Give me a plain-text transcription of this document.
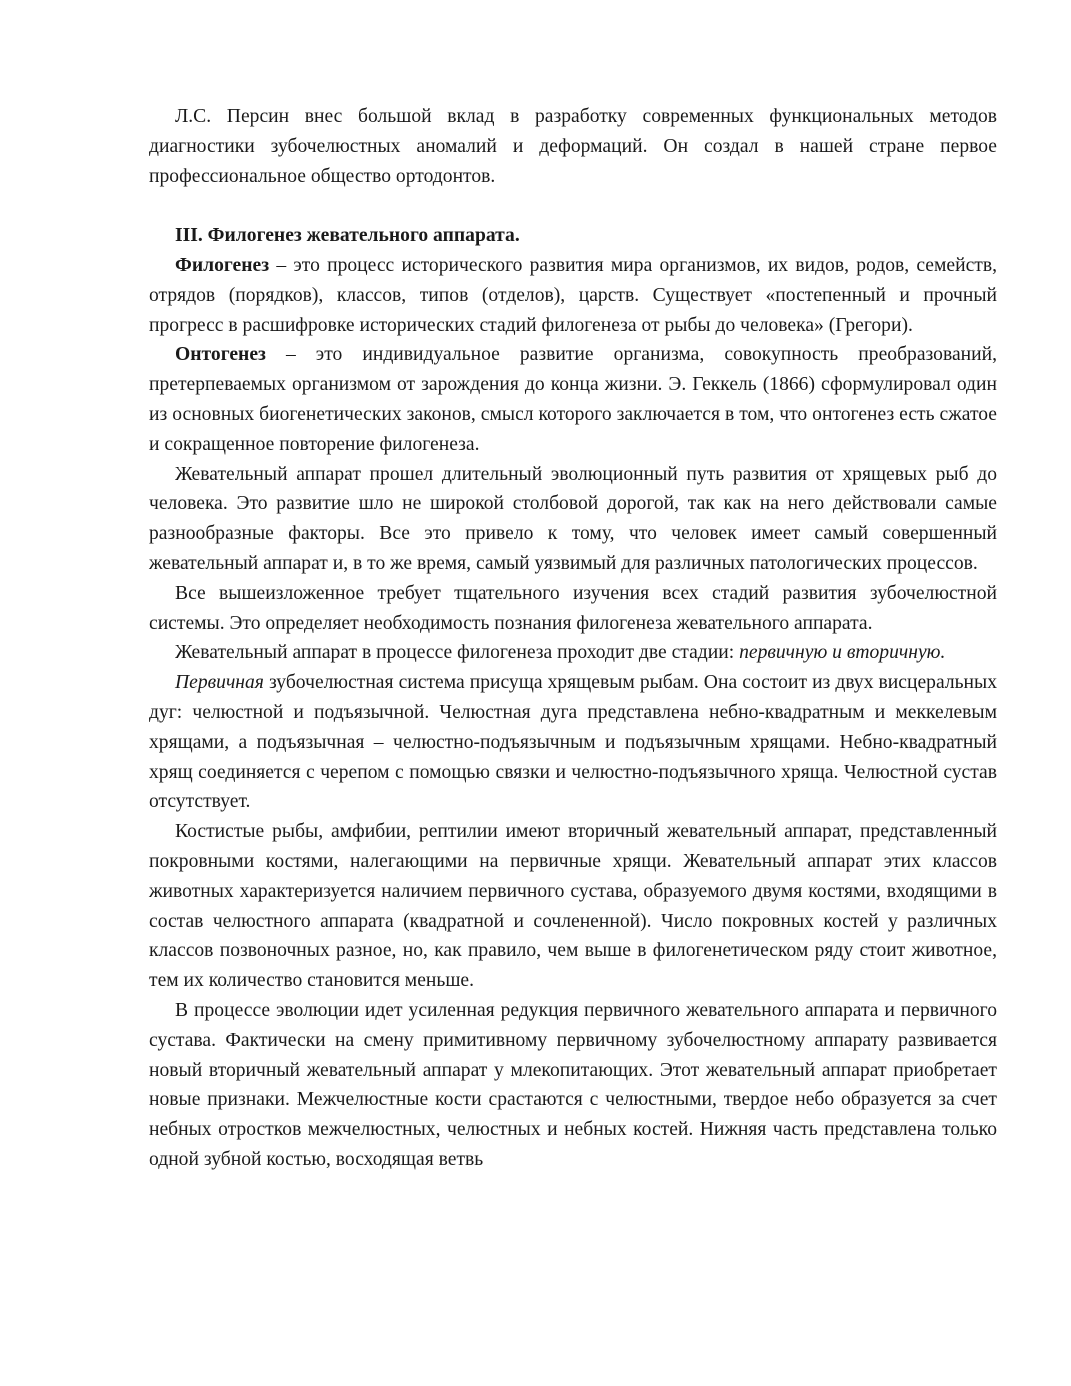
Л.С. Персин внес большой вклад в разработку современных функциональных методов диагностики зубочелюстных аномалий и деформаций. Он создал в нашей стране первое профессиональное общество ортодонтов.

III. Филогенез жевательного аппарата.

Филогенез – это процесс исторического развития мира организмов, их видов, родов, семейств, отрядов (порядков), классов, типов (отделов), царств. Существует «постепенный и прочный прогресс в расшифровке исторических стадий филогенеза от рыбы до человека» (Грегори).

Онтогенез – это индивидуальное развитие организма, совокупность преобразований, претерпеваемых организмом от зарождения до конца жизни. Э. Геккель (1866) сформулировал один из основных биогенетических законов, смысл которого заключается в том, что онтогенез есть сжатое и сокращенное повторение филогенеза.

Жевательный аппарат прошел длительный эволюционный путь развития от хрящевых рыб до человека. Это развитие шло не широкой столбовой дорогой, так как на него действовали самые разнообразные факторы. Все это привело к тому, что человек имеет самый совершенный жевательный аппарат и, в то же время, самый уязвимый для различных патологических процессов.

Все вышеизложенное требует тщательного изучения всех стадий развития зубочелюстной системы. Это определяет необходимость познания филогенеза жевательного аппарата.

Жевательный аппарат в процессе филогенеза проходит две стадии: первичную и вторичную.

Первичная зубочелюстная система присуща хрящевым рыбам. Она состоит из двух висцеральных дуг: челюстной и подъязычной. Челюстная дуга представлена небно-квадратным и меккелевым хрящами, а подъязычная – челюстно-подъязычным и подъязычным хрящами. Небно-квадратный хрящ соединяется с черепом с помощью связки и челюстно-подъязычного хряща. Челюстной сустав отсутствует.

Костистые рыбы, амфибии, рептилии имеют вторичный жевательный аппарат, представленный покровными костями, налегающими на первичные хрящи. Жевательный аппарат этих классов животных характеризуется наличием первичного сустава, образуемого двумя костями, входящими в состав челюстного аппарата (квадратной и сочлененной). Число покровных костей у различных классов позвоночных разное, но, как правило, чем выше в филогенетическом ряду стоит животное, тем их количество становится меньше.

В процессе эволюции идет усиленная редукция первичного жевательного аппарата и первичного сустава. Фактически на смену примитивному первичному зубочелюстному аппарату развивается новый вторичный жевательный аппарат у млекопитающих. Этот жевательный аппарат приобретает новые признаки. Межчелюстные кости срастаются с челюстными, твердое небо образуется за счет небных отростков межчелюстных, челюстных и небных костей. Нижняя часть представлена только одной зубной костью, восходящая ветвь
